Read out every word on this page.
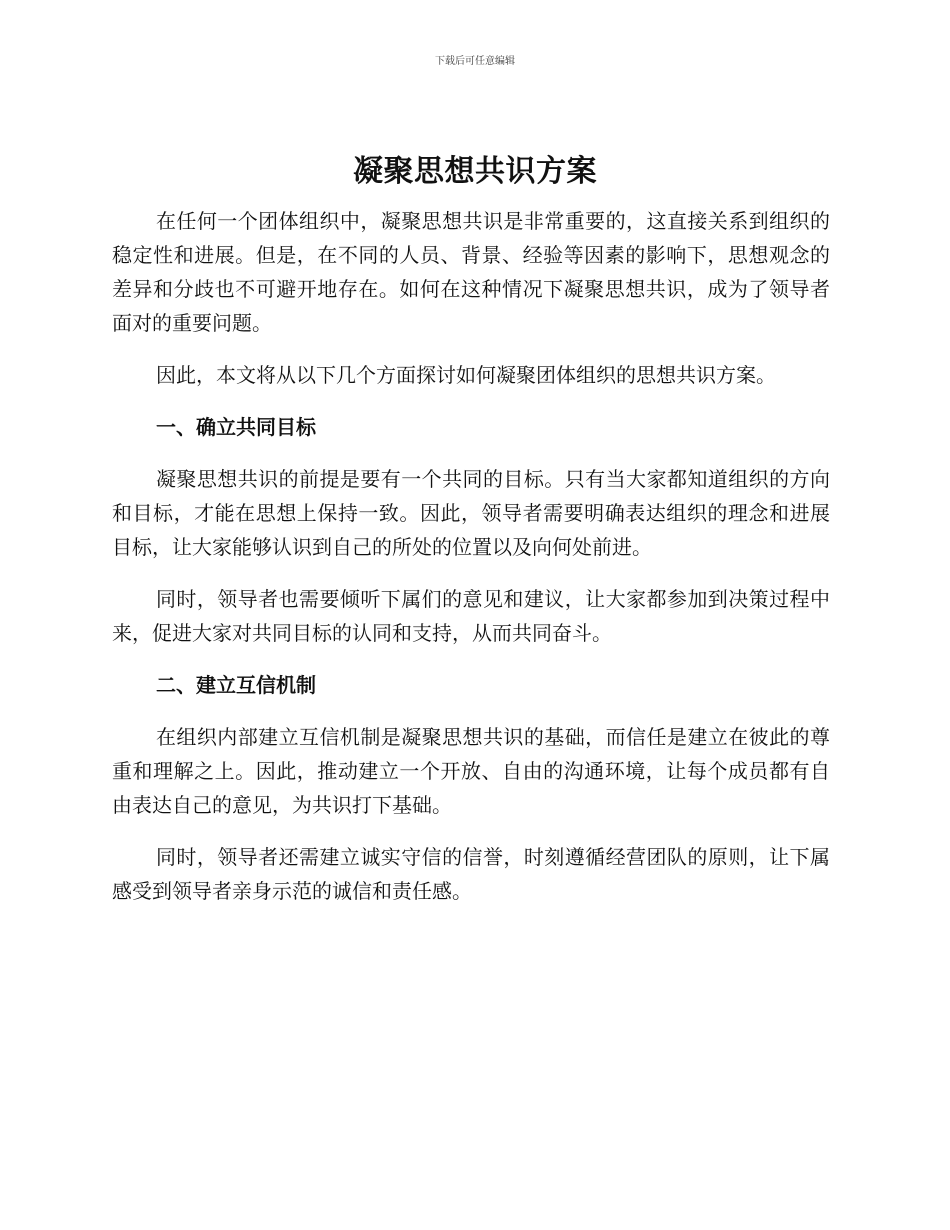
下载后可任意编辑
凝聚思想共识方案

在任何一个团体组织中，凝聚思想共识是非常重要的，这直接关系到组织的稳定性和进展。但是，在不同的人员、背景、经验等因素的影响下，思想观念的差异和分歧也不可避开地存在。如何在这种情况下凝聚思想共识，成为了领导者面对的重要问题。

因此，本文将从以下几个方面探讨如何凝聚团体组织的思想共识方案。

一、确立共同目标

凝聚思想共识的前提是要有一个共同的目标。只有当大家都知道组织的方向和目标，才能在思想上保持一致。因此，领导者需要明确表达组织的理念和进展目标，让大家能够认识到自己的所处的位置以及向何处前进。

同时，领导者也需要倾听下属们的意见和建议，让大家都参加到决策过程中来，促进大家对共同目标的认同和支持，从而共同奋斗。

二、建立互信机制

在组织内部建立互信机制是凝聚思想共识的基础，而信任是建立在彼此的尊重和理解之上。因此，推动建立一个开放、自由的沟通环境，让每个成员都有自由表达自己的意见，为共识打下基础。

同时，领导者还需建立诚实守信的信誉，时刻遵循经营团队的原则，让下属感受到领导者亲身示范的诚信和责任感。
